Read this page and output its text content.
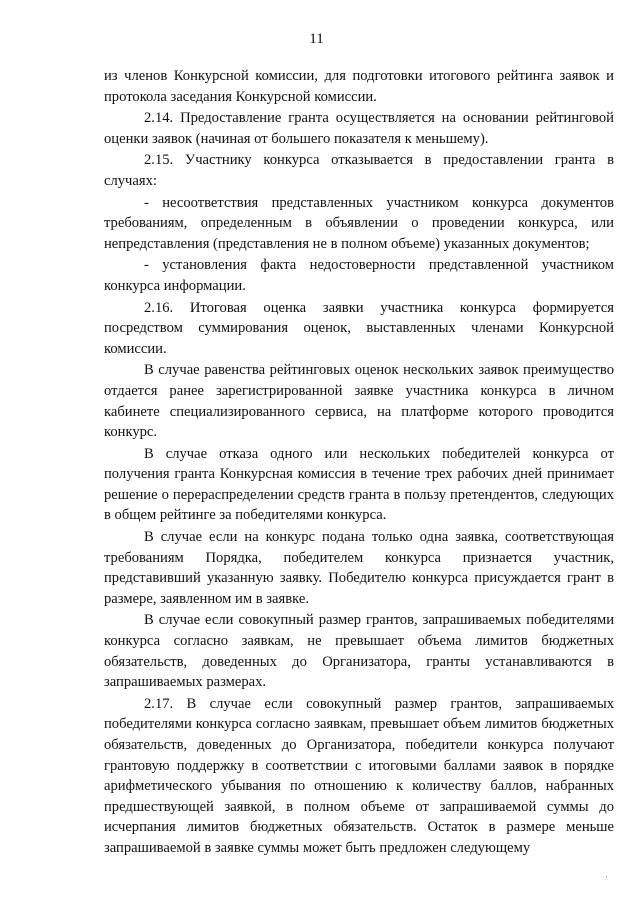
11

из членов Конкурсной комиссии, для подготовки итогового рейтинга заявок и протокола заседания Конкурсной комиссии.

2.14. Предоставление гранта осуществляется на основании рейтинговой оценки заявок (начиная от большего показателя к меньшему).

2.15. Участнику конкурса отказывается в предоставлении гранта в случаях:

- несоответствия представленных участником конкурса документов требованиям, определенным в объявлении о проведении конкурса, или непредставления (представления не в полном объеме) указанных документов;

- установления факта недостоверности представленной участником конкурса информации.

2.16. Итоговая оценка заявки участника конкурса формируется посредством суммирования оценок, выставленных членами Конкурсной комиссии.

В случае равенства рейтинговых оценок нескольких заявок преимущество отдается ранее зарегистрированной заявке участника конкурса в личном кабинете специализированного сервиса, на платформе которого проводится конкурс.

В случае отказа одного или нескольких победителей конкурса от получения гранта Конкурсная комиссия в течение трех рабочих дней принимает решение о перераспределении средств гранта в пользу претендентов, следующих в общем рейтинге за победителями конкурса.

В случае если на конкурс подана только одна заявка, соответствующая требованиям Порядка, победителем конкурса признается участник, представивший указанную заявку. Победителю конкурса присуждается грант в размере, заявленном им в заявке.

В случае если совокупный размер грантов, запрашиваемых победителями конкурса согласно заявкам, не превышает объема лимитов бюджетных обязательств, доведенных до Организатора, гранты устанавливаются в запрашиваемых размерах.

2.17. В случае если совокупный размер грантов, запрашиваемых победителями конкурса согласно заявкам, превышает объем лимитов бюджетных обязательств, доведенных до Организатора, победители конкурса получают грантовую поддержку в соответствии с итоговыми баллами заявок в порядке арифметического убывания по отношению к количеству баллов, набранных предшествующей заявкой, в полном объеме от запрашиваемой суммы до исчерпания лимитов бюджетных обязательств. Остаток в размере меньше запрашиваемой в заявке суммы может быть предложен следующему

·
